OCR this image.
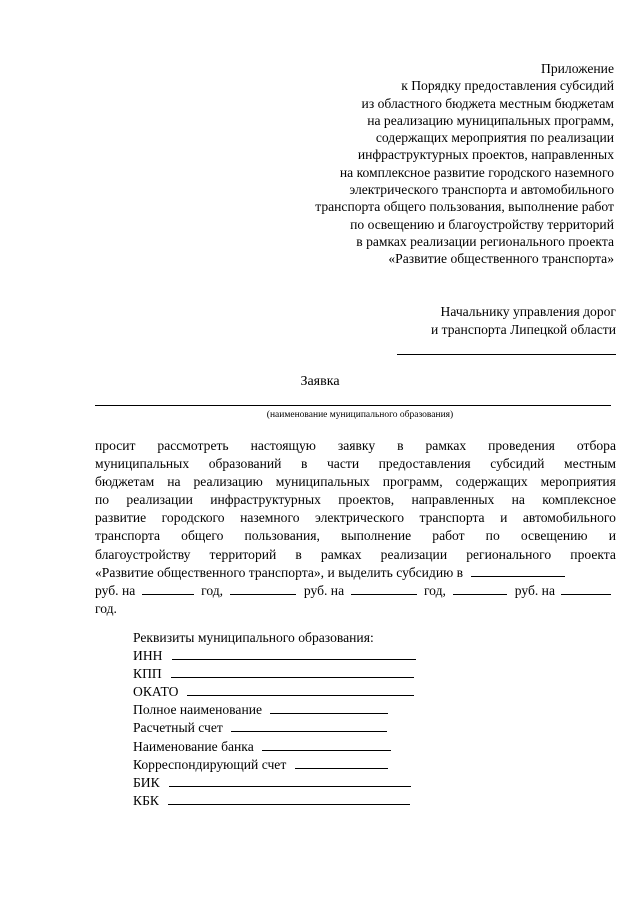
Приложение
к Порядку предоставления субсидий
из областного бюджета местным бюджетам
на реализацию муниципальных программ,
содержащих мероприятия по реализации
инфраструктурных проектов, направленных
на комплексное развитие городского наземного
электрического транспорта и автомобильного
транспорта общего пользования, выполнение работ
по освещению и благоустройству территорий
в рамках реализации регионального проекта
«Развитие общественного транспорта»
Начальнику управления дорог
и транспорта Липецкой области
Заявка
(наименование муниципального образования)
просит рассмотреть настоящую заявку в рамках проведения отбора
муниципальных образований в части предоставления субсидий местным
бюджетам на реализацию муниципальных программ, содержащих мероприятия
по реализации инфраструктурных проектов, направленных на комплексное
развитие городского наземного электрического транспорта и автомобильного
транспорта общего пользования, выполнение работ по освещению и
благоустройству территорий в рамках реализации регионального проекта
«Развитие общественного транспорта», и выделить субсидию в
руб. на	год,	руб. на	год,	руб. на
год.
Реквизиты муниципального образования:
ИНН
КПП
ОКАТО
Полное наименование
Расчетный счет
Наименование банка
Корреспондирующий счет
БИК
КБК
